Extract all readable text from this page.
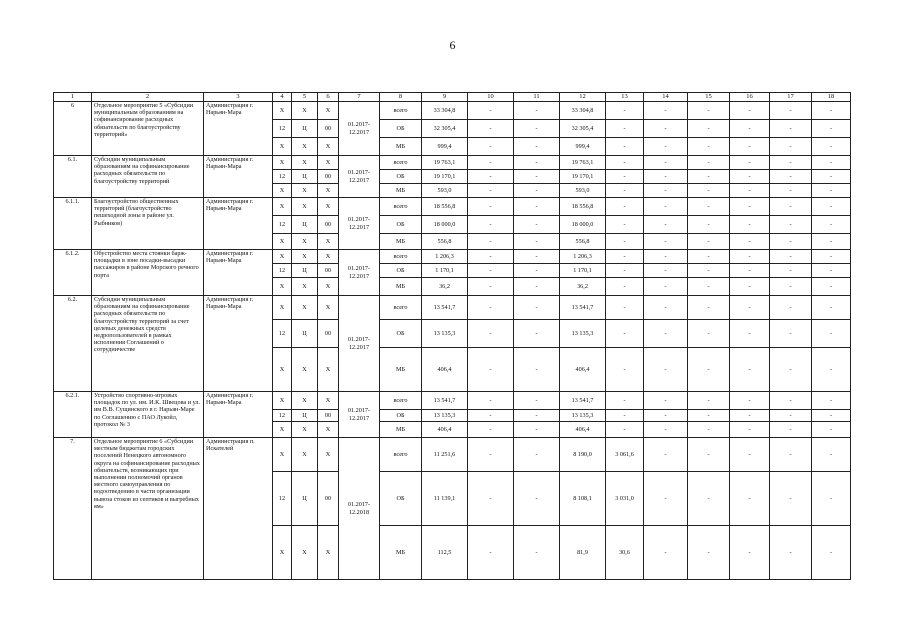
6
1	2	3	4	5	6	7	8	9	10	11	12	13	14	15	16	17	18
6	Отдельное мероприятие 5 «Субсидии муниципальным образованиям на софинансирование расходных обязательств по благоустройству территорий»	Администрация г. Нарьян-Мара	Х	Х	Х	01.2017-12.2017	всего	33 304,8	-	-	33 304,8	-	-	-	-	-	-
			12	Ц	00		ОБ	32 305,4	-	-	32 305,4	-	-	-	-	-	-
			Х	Х	Х		МБ	999,4	-	-	999,4	-	-	-	-	-	-
6.1.	Субсидии муниципальным образованиям на софинансирование расходных обязательств по благоустройству территорий	Администрация г. Нарьян-Мара	Х	Х	Х	01.2017-12.2017	всего	19 763,1	-	-	19 763,1	-	-	-	-	-	-
			12	Ц	00		ОБ	19 170,1	-	-	19 170,1	-	-	-	-	-	-
			Х	Х	Х		МБ	593,0	-	-	593,0	-	-	-	-	-	-
6.1.1.	Благоустройство общественных территорий (благоустройство пешеходной зоны в районе ул. Рыбников)	Администрация г. Нарьян-Мара	Х	Х	Х	01.2017-12.2017	всего	18 556,8	-	-	18 556,8	-	-	-	-	-	-
			12	Ц	00		ОБ	18 000,0	-	-	18 000,0	-	-	-	-	-	-
			Х	Х	Х		МБ	556,8	-	-	556,8	-	-	-	-	-	-
6.1.2.	Обустройство места стоянки барж-площадки в зоне посадки-высадки пассажиров в районе Морского речного порта	Администрация г. Нарьян-Мара	Х	Х	Х	01.2017-12.2017	всего	1 206,3	-	-	1 206,3	-	-	-	-	-	-
			12	Ц	00		ОБ	1 170,1	-	-	1 170,1	-	-	-	-	-	-
			Х	Х	Х		МБ	36,2	-	-	36,2	-	-	-	-	-	-
6.2.	Субсидии муниципальным образованиям на софинансирование расходных обязательств по благоустройству территорий за счет целевых денежных средств недропользователей в рамках исполнения Соглашений о сотрудничестве	Администрация г. Нарьян-Мара	Х	Х	Х	01.2017-12.2017	всего	13 541,7	-	-	13 541,7	-	-	-	-	-	-
			12	Ц	00		ОБ	13 135,3	-	-	13 135,3	-	-	-	-	-	-
			Х	Х	Х		МБ	406,4	-	-	406,4	-	-	-	-	-	-
6.2.1.	Устройство спортивно-игровых площадок по ул. им. И.К. Швецова и ул. им В.В. Сущинского в г. Нарьян-Маре по Соглашению с ПАО Лукойл, протокол № 3	Администрация г. Нарьян-Мара	Х	Х	Х	01.2017-12.2017	всего	13 541,7	-	-	13 541,7	-	-	-	-	-	-
			12	Ц	00		ОБ	13 135,3	-	-	13 135,3	-	-	-	-	-	-
			Х	Х	Х		МБ	406,4	-	-	406,4	-	-	-	-	-	-
7.	Отдельное мероприятие 6 «Субсидии местным бюджетам городских поселений Ненецкого автономного округа на софинансирование расходных обязательств, возникающих при выполнении полномочий органов местного самоуправления по водоотведению в части организации вывоза стоков из септиков и выгребных ям»	Администрация п. Искателей	Х	Х	Х	01.2017-12.2018	всего	11 251,6	-	-	8 190,0	3 061,6	-	-	-	-	-
			12	Ц	00		ОБ	11 139,1	-	-	8 108,1	3 031,0	-	-	-	-	-
			Х	Х	Х		МБ	112,5	-	-	81,9	30,6	-	-	-	-	-
